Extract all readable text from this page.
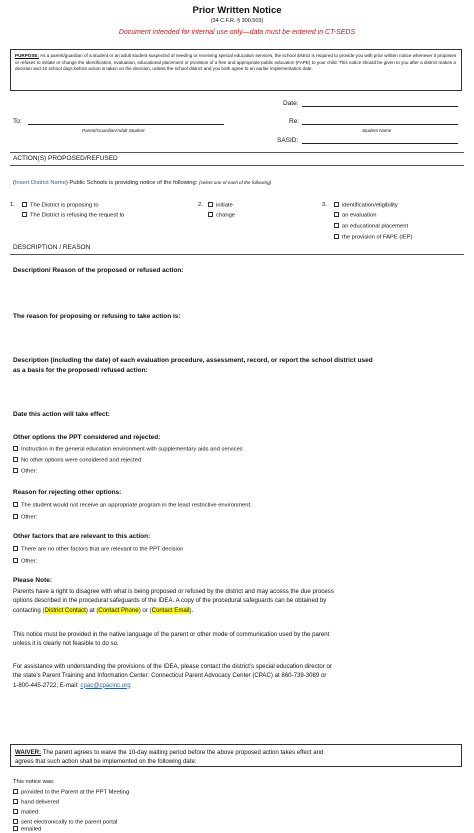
Prior Written Notice
(34 C.F.R. § 300.503)
Document intended for internal use only—data must be entered in CT-SEDS
PURPOSE: As a parent/guardian of a student or an adult student suspected of needing or receiving special education services, the school district is required to provide you with prior written notice whenever it proposes or refuses to initiate or change the identification, evaluation, educational placement or provision of a free and appropriate public education (FAPE) to your child. This notice should be given to you after a district makes a decision and 10 school days before action is taken on the decision, unless the school district and you both agree to an earlier implementation date.
Date:
To:
Parent/Guardian/Adult Student
Re:
Student Name
SASID:
ACTION(S) PROPOSED/REFUSED
(Insert District Name) Public Schools is providing notice of the following: (select one of each of the following)
1.	The District is proposing to
The District is refusing the request to
2.	initiate
change
3.	identification/eligibility
an evaluation
an educational placement
the provision of FAPE (IEP)
DESCRIPTION / REASON
Description/ Reason of the proposed or refused action:
The reason for proposing or refusing to take action is:
Description (including the date) of each evaluation procedure, assessment, record, or report the school district used
as a basis for the proposed/ refused action:
Date this action will take effect:
Other options the PPT considered and rejected:
Instruction in the general education environment with supplementary aids and services
No other options were considered and rejected
Other:
Reason for rejecting other options:
The student would not receive an appropriate program in the least restrictive environment.
Other:
Other factors that are relevant to this action:
There are no other factors that are relevant to the PPT decision
Other:
Please Note:
Parents have a right to disagree with what is being proposed or refused by the district and may access the due process
options described in the procedural safeguards of the IDEA. A copy of the procedural safeguards can be obtained by
contacting (District Contact) at (Contact Phone) or (Contact Email).
This notice must be provided in the native language of the parent or other mode of communication used by the parent
unless it is clearly not feasible to do so.
For assistance with understanding the provisions of the IDEA, please contact the district’s special education director or
the state’s Parent Training and Information Center: Connecticut Parent Advocacy Center (CPAC) at 860-739-3089 or
1-800-445-2722; E-mail: cpac@cpacinc.org
WAIVER: The parent agrees to waive the 10-day waiting period before the above proposed action takes effect and
agrees that such action shall be implemented on the following date:
This notice was:
provided to the Parent at the PPT Meeting
hand delivered
mailed
sent electronically to the parent portal
emailed
